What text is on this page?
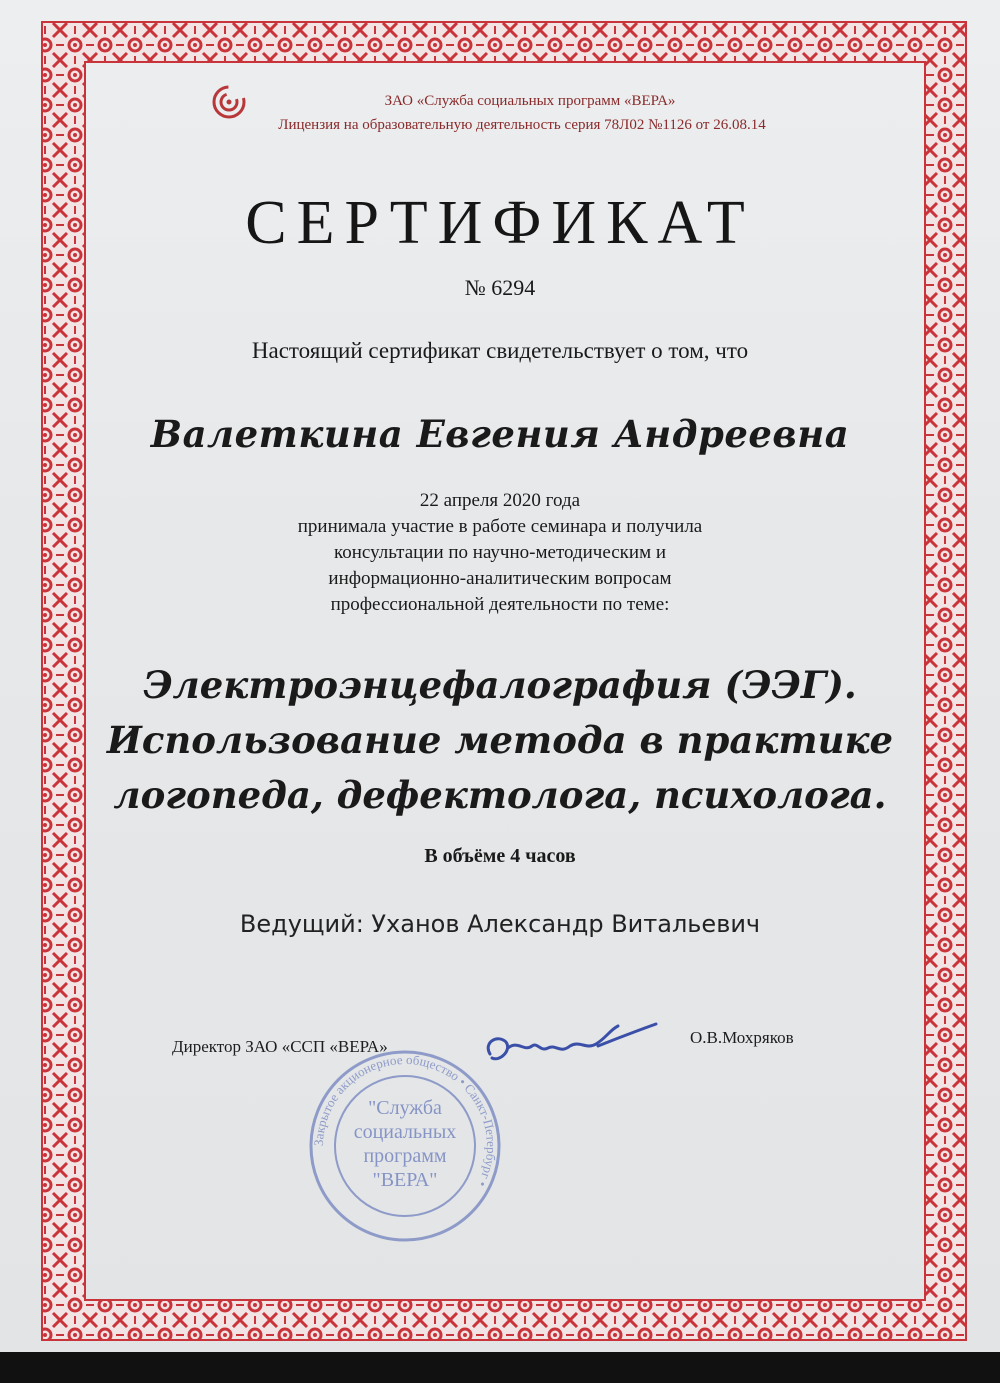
ЗАО «Служба социальных программ «ВЕРА»
Лицензия на образовательную деятельность серия 78Л02 №1126 от 26.08.14
СЕРТИФИКАТ
№ 6294
Настоящий сертификат свидетельствует о том, что
Валеткина Евгения Андреевна
22 апреля 2020 года
принимала участие в работе семинара и получила
консультации по научно-методическим и
информационно-аналитическим вопросам
профессиональной деятельности по теме:
Электроэнцефалография (ЭЭГ).
Использование метода в практике
логопеда, дефектолога, психолога.
В объёме 4 часов
Ведущий: Уханов Александр Витальевич
Директор ЗАО «ССП «ВЕРА»	О.В.Мохряков
Закрытое акционерное общество • Санкт-Петербург •
"Служба
социальных
программ
"ВЕРА"
